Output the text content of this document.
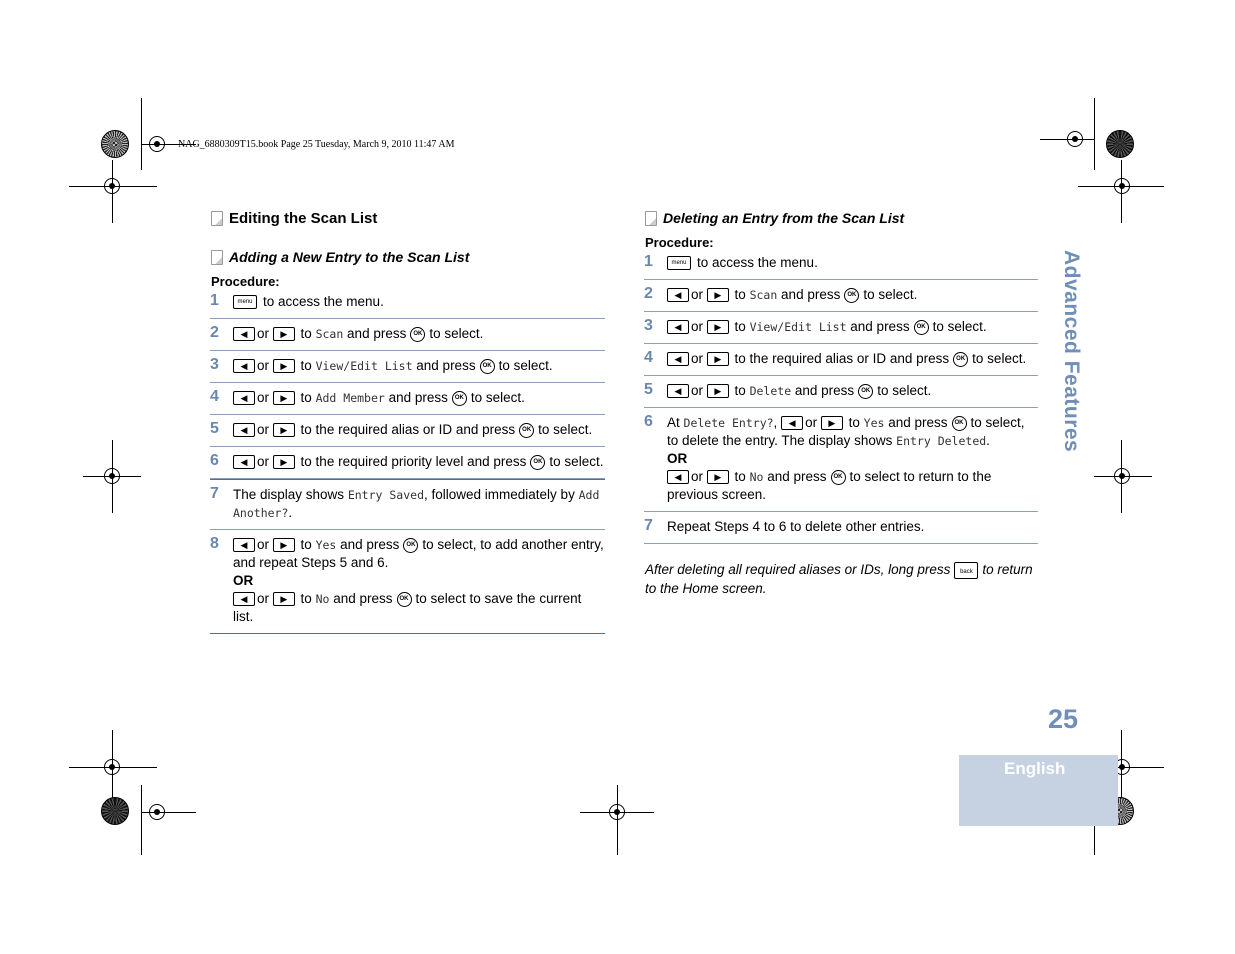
NAG_6880309T15.book Page 25 Tuesday, March 9, 2010 11:47 AM
Editing the Scan List
Adding a New Entry to the Scan List
Procedure:
1	menu to access the menu.
2 ◀ or ▶ to Scan and press OK to select.
3 ◀ or ▶ to View/Edit List and press OK to select.
4 ◀ or ▶ to Add Member and press OK to select.
5 ◀ or ▶ to the required alias or ID and press OK to select.
6 ◀ or ▶ to the required priority level and press OK to select.
7 The display shows Entry Saved, followed immediately by Add Another?.
8 ◀ or ▶ to Yes and press OK to select, to add another entry, and repeat Steps 5 and 6.
OR
◀ or ▶ to No and press OK to select to save the current list.
Deleting an Entry from the Scan List
Procedure:
1	menu to access the menu.
2 ◀ or ▶ to Scan and press OK to select.
3 ◀ or ▶ to View/Edit List and press OK to select.
4 ◀ or ▶ to the required alias or ID and press OK to select.
5 ◀ or ▶ to Delete and press OK to select.
6 At Delete Entry?, ◀ or ▶ to Yes and press OK to select, to delete the entry. The display shows Entry Deleted.
OR
◀ or ▶ to No and press OK to select to return to the previous screen.
7 Repeat Steps 4 to 6 to delete other entries.
After deleting all required aliases or IDs, long press back to return to the Home screen.
Advanced Features
25
English
